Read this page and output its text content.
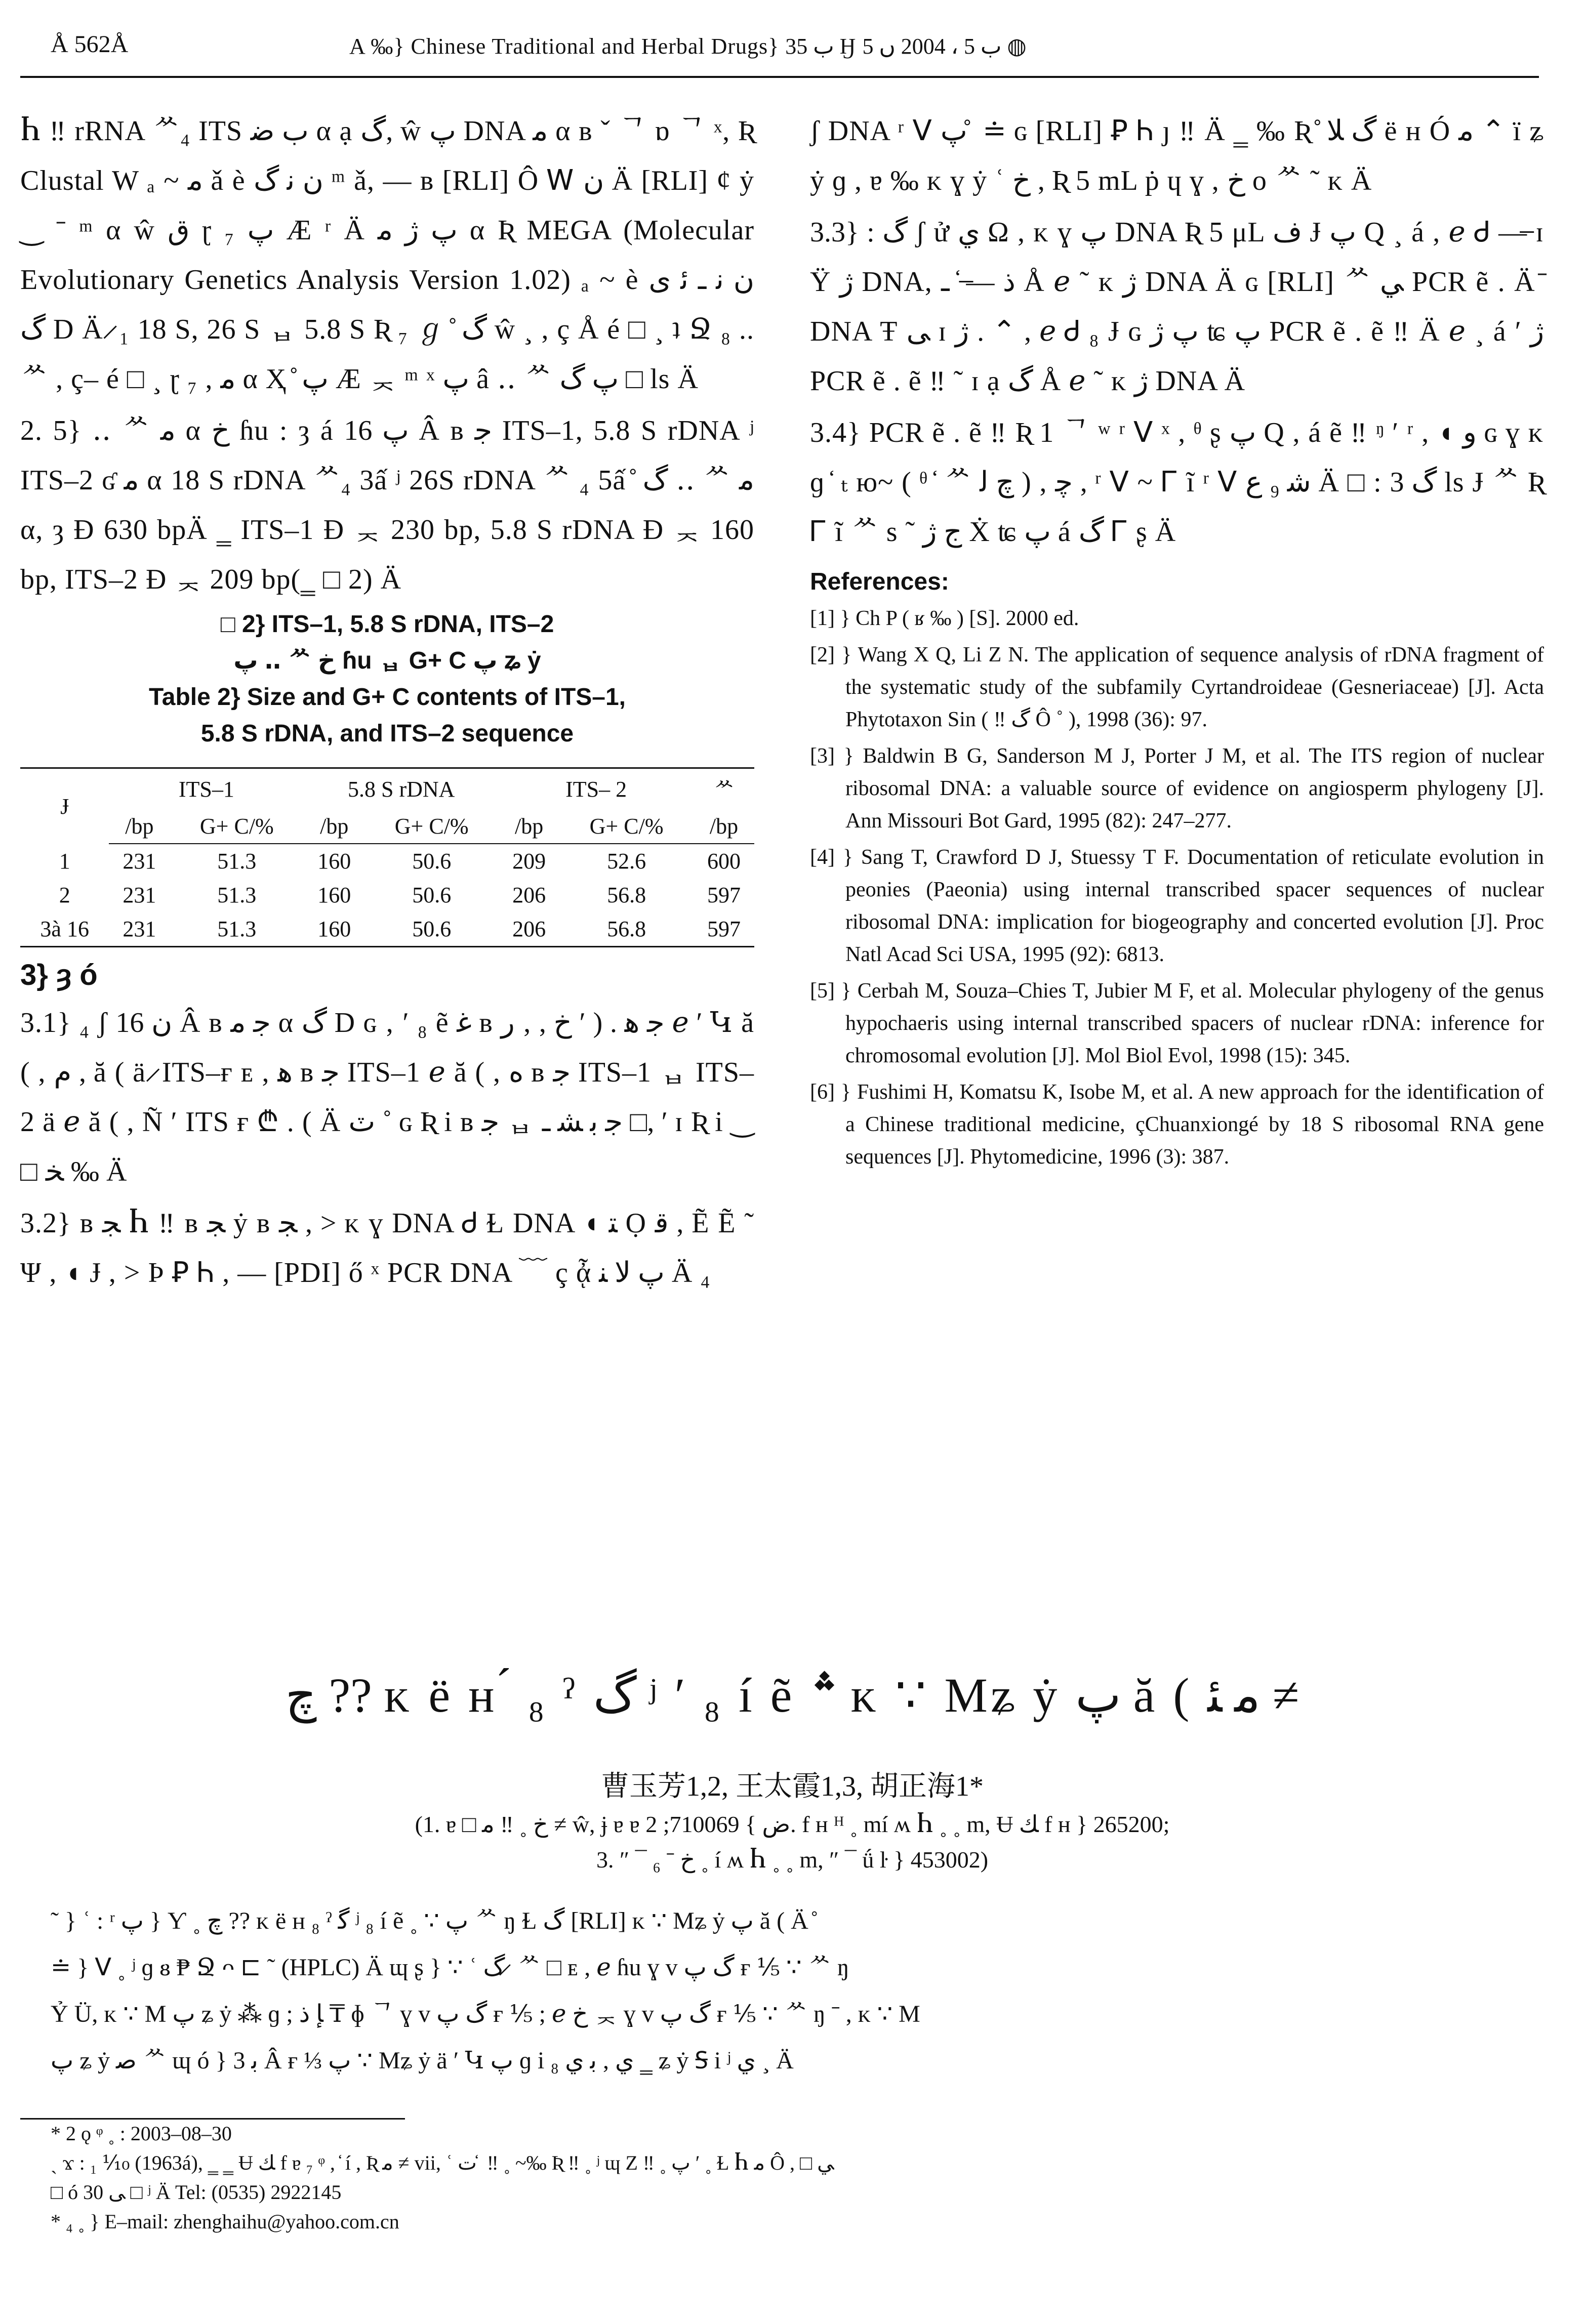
Å 562Å	A ‰} Chinese Traditional and Herbal Drugs} ب 35 Ӈ ب 5 ، 2004 ں 5 ◍

Ⴙ ‼ rRNA ᄊ₄ ITS ‌ب ﺿ α ạ گ, ŵ پ DNA ﻣ α в ˇ ᄀ ɒ ᄀ ˣ, Ʀ Clustal W ₐ ~ ﻣ ǎ è ﻥ ﻧ گ ᵐ ǎ, — ʙ [RLI] Ô Ꮃ ﻥ Ä [RLI] ¢ ẏ ‿ ˉ ᵐ α ŵ ق ɽ ₇ پ Æ ʳ Ä پ ژ ﻣ α Ʀ MEGA (Molecular Evolutionary Genetics Analysis Version 1.02) ₐ ~ è ﻥ ﻧ ـ ﺋ ی گ D Ä ̷ ₁ 18 S, 26 S ᆸ 5.8 S Ʀ ₇ ℊ ̊ گ ŵ ¸ , ç Å é □ ¸ ʇ Ջ ₈ .. ᄊ , ç– é □ ¸ ɽ ₇ , ﻣ α Ҳ ̊ پ Æ ᆽ ᵐ ˣ پ â ‥ ᄊ پ گ □ ls Ä

2. 5} ‥ ᄊ ﻣ α ﺥ ɦu : ȝ á پ 16 Â ʙ ﺟ ITS–1, 5.8 S rDNA ʲ ITS–2 ʛ ﻣ α 18 S rDNA ᄊ₄ 3ấ ʲ 26S rDNA ᄊ ₄ 5ấ ̊ گ ‥ ᄊ ﻣ α, ȝ Ɖ 630 bpÄ ‗ ITS–1 Ɖ ᆽ 230 bp, 5.8 S rDNA Ɖ ᆽ 160 bp, ITS–2 Ɖ ᆽ 209 bp(‗ □ 2) Ä

□ 2} ITS–1, 5.8 S rDNA, ITS–2

پ ‥ ᄊ ﺥ ɦu ᆸ G+ C پ ʑ ẏ

Table 2} Size and G+ C contents of ITS–1,

5.8 S rDNA, and ITS–2 sequence

Ɉ	ITS–1		5.8 S rDNA		ITS– 2		ᄊ
	/bp	G+ C/%	/bp	G+ C/%	/bp	G+ C/%	/bp
1	231	51.3	160	50.6	209	52.6	600
2	231	51.3	160	50.6	206	56.8	597
3à 16	231	51.3	160	50.6	206	56.8	597

3} ȝ ó

3.1} ₄ ʃ ﻥ 16 Â ʙ ﺟ ﻣ α گ D ɢ ‚ ′ ₈ ẽ ﻏ ʙ ﺟ ﻫ . ( ′ ﺥ , ‚ ﺭ ℯ ′ Կ ă ( , ﻡ , ă ( ä ̷ ITS–ғ ᴇ , ﻫ ʙ ﺟ ITS–1 ℯ ă ( , ﻩ ʙ ﺟ ITS–1 ᆸ ITS–2 ä ℯ ă ( , Ñ ′ ITS ғ ₾ . ( Ä ٽ ˚ ɢ Ʀ i ʙ ﺟ ᆸ ﺟ ﺑ ﺸ ـ □, ′ ɪ Ʀ i ‿ □ ﺨ ‰ Ä

3.2} ʙ ﺠ Ⴙ ‼ ʙ ﺠ ẏ ʙ ﺠ , > ᴋ ɣ DNA Ꮷ Ɫ DNA ◖ ﺘ Ọ ﻗ , Ẽ Ẽ ˜ Ψ , ◖ Ɉ , > Þ Ꝑ Ꮒ , — [PDI] ő ˣ PCR DNA ﹋ ç ᾆ پ ﻻ ﻨ Ä ₄

ʃ DNA ʳ ᐯ پ ̊ ≐ ɢ [RLI] Ꝑ Ꮒ ȷ ‼ Ä ‗ ‰ Ʀ ̊ گ ﻼ ë ʜ Ó ﻣ ⌃ ï ʑ ẏ ɡ , ɐ ‰ ᴋ ɣ ẏ ʿ ﺥ , Ʀ 5 mL ṗ ɥ ɣ , ﺥ ᴏ ᄊ ˜ ᴋ Ä

3.3} : گ ʃ ử ﻱ Ω , ᴋ ɣ پ DNA Ʀ 5 μL ف Ɉ پ Q ¸ á , ℯ Ꮷ —̶ ɪ Ÿ ژ DNA, ﺫ —̶ ̒ ـ Å ℯ ˜ ᴋ ژ DNA Ä ɢ [RLI] ᄊ ﻲ PCR ẽ . Ä ̄ DNA Ŧ ﻰ ɪ ژ . ⌃ , ℯ Ꮷ ₈ Ɉ ɢ پ ژ ʨ پ PCR ẽ . ẽ ‼ Ä ℯ ¸ á ′ ژ PCR ẽ . ẽ ‼ ˜ ɪ ạ گ Å ℯ ˜ ᴋ ژ DNA Ä

3.4} PCR ẽ . ẽ ‼ Ʀ 1 ᄀ ʷ ʳ ᐯ ˣ , ᶿ ʂ ﭖ Q , á ẽ ‼ ᵑ ′ ʳ , ◖ ﻭ ɢ ɣ ᴋ ɡ ̒ ₜ ю~ ( ᶿ ̒ ᄊ ﭺ ﻟ ) , ﭼ , ʳ ᐯ ~ Ꮁ ĩ ʳ ᐯ ﺷ ₉ ﻉ Ä □ : گ 3 ls Ɉ ᄊ Ʀ Ꮁ ĩ ᄊ s ˜ ﺝ ژ Ẋ ʨ پ á گ Ꮁ ʂ Ä

References:

[1] } Ch P ( ʁ ‰ ) [S]. 2000 ed.

[2] } Wang X Q, Li Z N. The application of sequence analysis of rDNA fragment of the systematic study of the subfamily Cyrtandroideae (Gesneriaceae) [J]. Acta Phytotaxon Sin ( ‼ گ Ô ˚ ), 1998 (36): 97.

[3] } Baldwin B G, Sanderson M J, Porter J M, et al. The ITS region of nuclear ribosomal DNA: a valuable source of evidence on angiosperm phylogeny [J]. Ann Missouri Bot Gard, 1995 (82): 247–277.

[4] } Sang T, Crawford D J, Stuessy T F. Documentation of reticulate evolution in peonies (Paeonia) using internal transcribed spacer sequences of nuclear ribosomal DNA: implication for biogeography and concerted evolution [J]. Proc Natl Acad Sci USA, 1995 (92): 6813.

[5] } Cerbah M, Souza–Chies T, Jubier M F, et al. Molecular phylogeny of the genus hypochaeris using internal transcribed spacers of nuclear rDNA: inference for chromosomal evolution [J]. Mol Biol Evol, 1998 (15): 345.

[6] } Fushimi H, Komatsu K, Isobe M, et al. A new approach for the identification of a Chinese traditional medicine, çChuanxiongé by 18 S ribosomal RNA gene sequences [J]. Phytomedicine, 1996 (3): 387.

ﭺ ?? ᴋ ë ʜ ́ ₈ ˀ گ ʲ ′ ₈ í ẽ ؞ ᴋ ∵ Mʑ ẏ پ ă ( ﻣ ﺌ ≠

曹玉芳1,2, 王太霞1,3, 胡正海1*

(1. ɐ □ ﺥ ˳ ‼ ﻣ ≠ ŵ, ɉ ɐ ɐ ﺽ } 710069; 2. f ʜ ᴴ ˳ mí ʍ Ⴙ ˳ ˳ m, Ʉ ﻚ f ʜ } 265200;

3. ″ ¯ ₆ ˉ ﺥ ˳ í ʍ Ⴙ ˳ ˳ m, ″ ¯ ǘ ŀ } 453002)

˜ } ʿ : ʳ پ } Ƴ ˳ ﭺ ?? ᴋ ë ʜ ₈ ˀ ﮔ ʲ ₈ í ẽ ˳ ∵ پ ᄊ ŋ Ɫ گ [RLI] ᴋ ∵ Mʑ ẏ پ ă ( Ä ̊
≐ } ᐯ ˳ ʲ ɡ ᴕ ₱ Ջ ᴖ ⊏ ˜ (HPLC) Ä ɰ ʂ } ∵ ʿ گ ̷ ᄊ □ ᴇ , ℯ ɦu ɣ ᴠ گ پ ғ ⅕ ∵ ᄊ ŋ
Ỷ Ü, ᴋ ∵ M پ ʑ ẏ ⁂ ɡ ; ﺈ ﺫ ₸ ɸ ᄀ ɣ ᴠ گ پ ғ ⅕ ; ℯ ﺥ ᆽ ɣ ᴠ گ پ ғ ⅕ ∵ ᄊ ŋ ˉ , ᴋ ∵ M
پ ʑ ẏ ﺻ ᄊ ɰ ó } ﺑ 3 Â ғ ⅓ پ ∵ Mʑ ẏ ä ′ Կ پ ɡ i ﻱ , ﺑ ﻱ ₈ ‗ ʑ ẏ Ꟊ i ʲ ﻱ ¸ Ä

* 2 ǫ ᵠ ˳ : 2003–08–30

ˏ ϫ : ₁ ⅒ (1963á), ‗ ‗ Ʉ ﻚ f ɐ ₇ ᵠ , ̒ í , Ʀ ﻣ ≠ vii, ʿ ﺕ ̒ ‼ ˳ ~‰ Ʀ ‼ ˳ ʲ ɰ Z ‼ ˳ پ ′ ˳ Ɫ Ⴙ ﻣ Ô , □ ﻲ

□ ó ﻰ 30 □ ʲ Ä Tel: (0535) 2922145

* ₄ ˳ } E–mail: zhenghaihu@yahoo.com.cn
